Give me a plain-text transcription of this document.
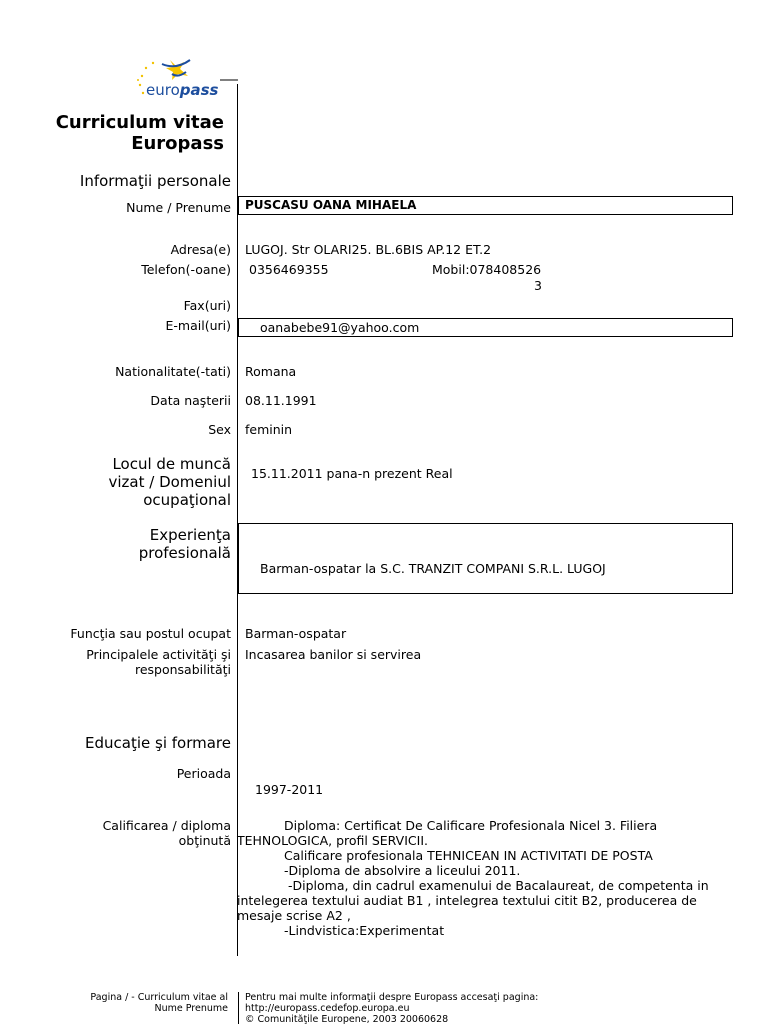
europass
Curriculum vitae
Europass
Informaţii personale
Nume / Prenume PUSCASU OANA MIHAELA
Adresa(e) LUGOJ. Str OLARI25. BL.6BIS AP.12 ET.2
Telefon(-oane) 0356469355	Mobil:078408526
3
Fax(uri)
E-mail(uri) oanabebe91@yahoo.com
Nationalitate(-tati) Romana
Data naşterii 08.11.1991
Sex feminin
Locul de muncă
vizat / Domeniul
ocupaţional
15.11.2011 pana-n prezent Real
Experienţa
profesională
Barman-ospatar la S.C. TRANZIT COMPANI S.R.L. LUGOJ
Funcţia sau postul ocupat Barman-ospatar
Principalele activităţi şi
responsabilităţi
Incasarea banilor si servirea
Educaţie şi formare
Perioada
1997-2011
Calificarea / diploma
obţinută
Diploma: Certificat De Calificare Profesionala Nicel 3. Filiera
TEHNOLOGICA, profil SERVICII.
Calificare profesionala TEHNICEAN IN ACTIVITATI DE POSTA
-Diploma de absolvire a liceului 2011.
-Diploma, din cadrul examenului de Bacalaureat, de competenta in
intelegerea textului audiat B1 , intelegrea textului citit B2, producerea de
mesaje scrise A2 ,
-Lindvistica:Experimentat
Pagina / - Curriculum vitae al
Nume Prenume
Pentru mai multe informaţii despre Europass accesaţi pagina:
http://europass.cedefop.europa.eu
© Comunităţile Europene, 2003 20060628
